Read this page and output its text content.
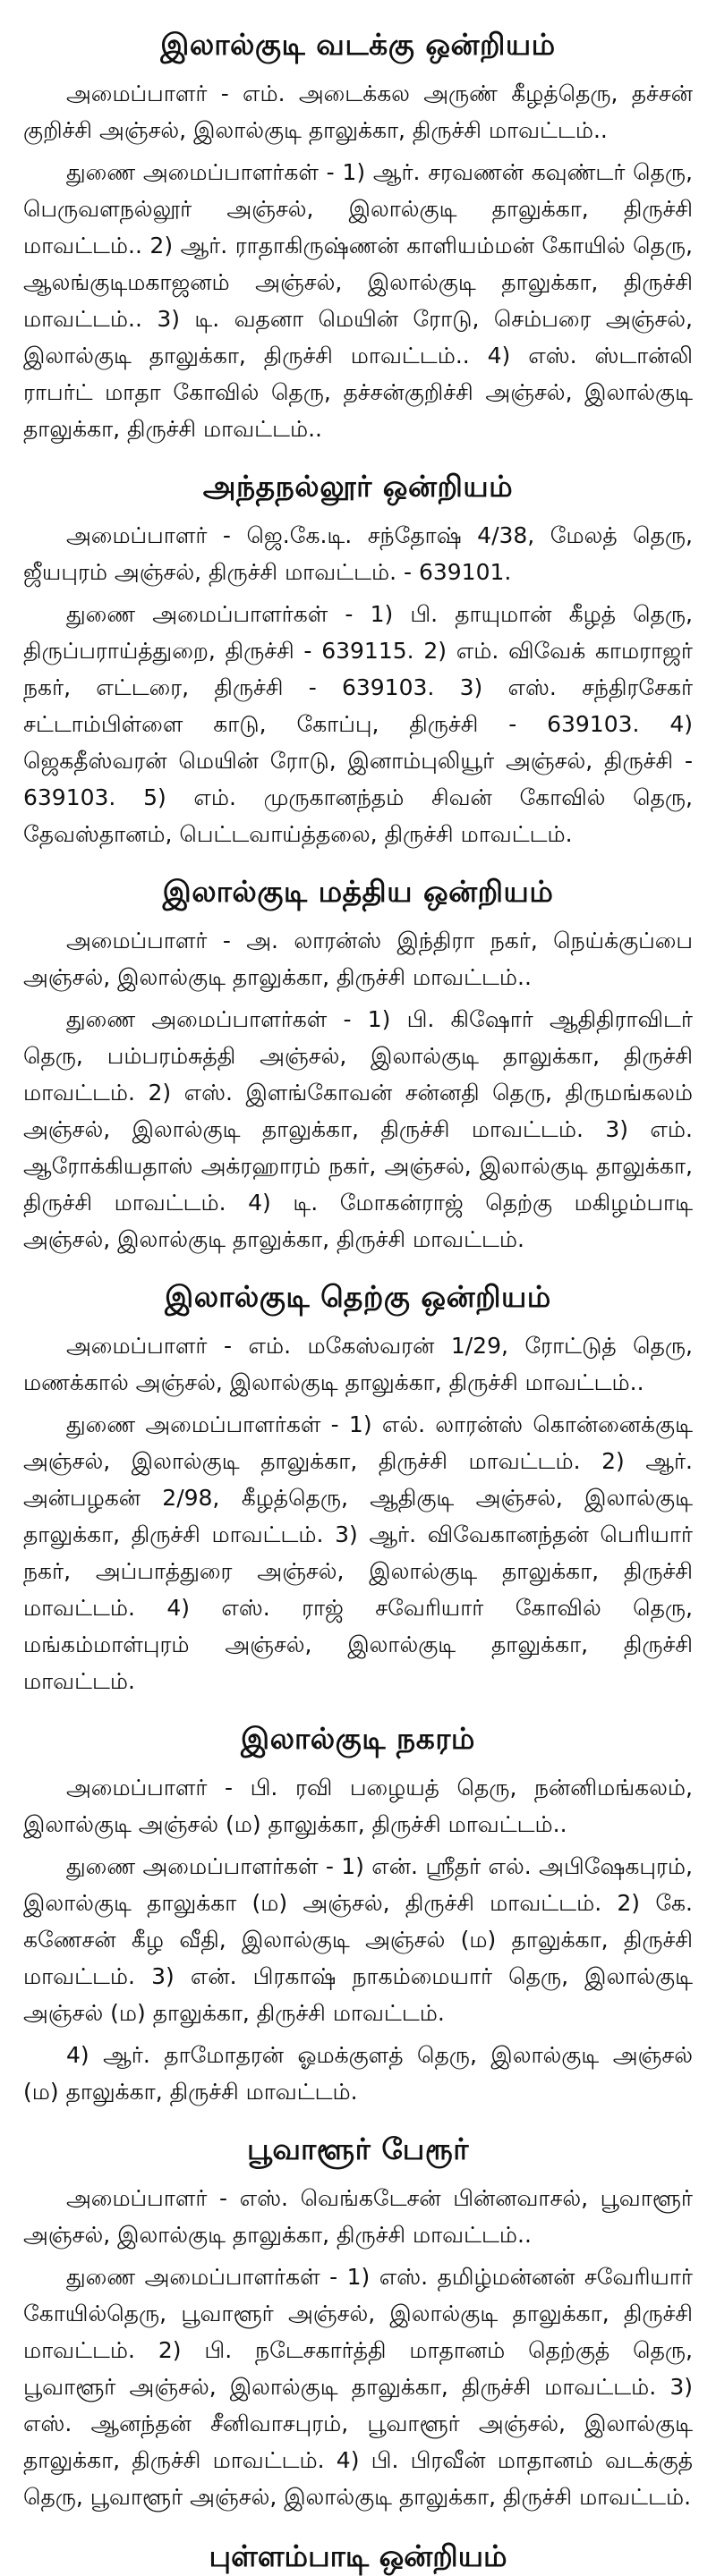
இலால்குடி வடக்கு ஒன்றியம்

அமைப்பாளர் - எம். அடைக்கல அருண் கீழத்தெரு, தச்சன் குறிச்சி அஞ்சல், இலால்குடி தாலுக்கா, திருச்சி மாவட்டம்..

துணை அமைப்பாளர்கள் - 1) ஆர். சரவணன் கவுண்டர் தெரு, பெருவளநல்லூர் அஞ்சல், இலால்குடி தாலுக்கா, திருச்சி மாவட்டம்.. 2) ஆர். ராதாகிருஷ்ணன் காளியம்மன் கோயில் தெரு, ஆலங்குடிமகாஜனம் அஞ்சல், இலால்குடி தாலுக்கா, திருச்சி மாவட்டம்.. 3) டி. வதனா மெயின் ரோடு, செம்பரை அஞ்சல், இலால்குடி தாலுக்கா, திருச்சி மாவட்டம்.. 4) எஸ். ஸ்டான்லி ராபர்ட் மாதா கோவில் தெரு, தச்சன்குறிச்சி அஞ்சல், இலால்குடி தாலுக்கா, திருச்சி மாவட்டம்..

அந்தநல்லூர் ஒன்றியம்

அமைப்பாளர் - ஜெ.கே.டி. சந்தோஷ் 4/38, மேலத் தெரு, ஜீயபுரம் அஞ்சல், திருச்சி மாவட்டம். - 639101.

துணை அமைப்பாளர்கள் - 1) பி. தாயுமான் கீழத் தெரு, திருப்பராய்த்துறை, திருச்சி - 639115. 2) எம். விவேக் காமராஜர் நகர், எட்டரை, திருச்சி - 639103. 3) எஸ். சந்திரசேகர் சட்டாம்பிள்ளை காடு, கோப்பு, திருச்சி - 639103. 4) ஜெகதீஸ்வரன் மெயின் ரோடு, இனாம்புலியூர் அஞ்சல், திருச்சி - 639103. 5) எம். முருகானந்தம் சிவன் கோவில் தெரு, தேவஸ்தானம், பெட்டவாய்த்தலை, திருச்சி மாவட்டம்.

இலால்குடி மத்திய ஒன்றியம்

அமைப்பாளர் - அ. லாரன்ஸ் இந்திரா நகர், நெய்க்குப்பை அஞ்சல், இலால்குடி தாலுக்கா, திருச்சி மாவட்டம்..

துணை அமைப்பாளர்கள் - 1) பி. கிஷோர் ஆதிதிராவிடர் தெரு, பம்பரம்சுத்தி அஞ்சல், இலால்குடி தாலுக்கா, திருச்சி மாவட்டம். 2) எஸ். இளங்கோவன் சன்னதி தெரு, திருமங்கலம் அஞ்சல், இலால்குடி தாலுக்கா, திருச்சி மாவட்டம். 3) எம். ஆரோக்கியதாஸ் அக்ரஹாரம் நகர், அஞ்சல், இலால்குடி தாலுக்கா, திருச்சி மாவட்டம். 4) டி. மோகன்ராஜ் தெற்கு மகிழம்பாடி அஞ்சல், இலால்குடி தாலுக்கா, திருச்சி மாவட்டம்.

இலால்குடி தெற்கு ஒன்றியம்

அமைப்பாளர் - எம். மகேஸ்வரன் 1/29, ரோட்டுத் தெரு, மணக்கால் அஞ்சல், இலால்குடி தாலுக்கா, திருச்சி மாவட்டம்..

துணை அமைப்பாளர்கள் - 1) எல். லாரன்ஸ் கொன்னைக்குடி அஞ்சல், இலால்குடி தாலுக்கா, திருச்சி மாவட்டம். 2) ஆர். அன்பழகன் 2/98, கீழத்தெரு, ஆதிகுடி அஞ்சல், இலால்குடி தாலுக்கா, திருச்சி மாவட்டம். 3) ஆர். விவேகானந்தன் பெரியார் நகர், அப்பாத்துரை அஞ்சல், இலால்குடி தாலுக்கா, திருச்சி மாவட்டம். 4) எஸ். ராஜ் சவேரியார் கோவில் தெரு, மங்கம்மாள்புரம் அஞ்சல், இலால்குடி தாலுக்கா, திருச்சி மாவட்டம்.

இலால்குடி நகரம்

அமைப்பாளர் - பி. ரவி பழையத் தெரு, நன்னிமங்கலம், இலால்குடி அஞ்சல் (ம) தாலுக்கா, திருச்சி மாவட்டம்..

துணை அமைப்பாளர்கள் - 1) என். ஸ்ரீதர் எல். அபிஷேகபுரம், இலால்குடி தாலுக்கா (ம) அஞ்சல், திருச்சி மாவட்டம். 2) கே. கணேசன் கீழ வீதி, இலால்குடி அஞ்சல் (ம) தாலுக்கா, திருச்சி மாவட்டம். 3) என். பிரகாஷ் நாகம்மையார் தெரு, இலால்குடி அஞ்சல் (ம) தாலுக்கா, திருச்சி மாவட்டம்.

4) ஆர். தாமோதரன் ஓமக்குளத் தெரு, இலால்குடி அஞ்சல் (ம) தாலுக்கா, திருச்சி மாவட்டம்.

பூவாளூர் பேரூர்

அமைப்பாளர் - எஸ். வெங்கடேசன் பின்னவாசல், பூவாளூர் அஞ்சல், இலால்குடி தாலுக்கா, திருச்சி மாவட்டம்..

துணை அமைப்பாளர்கள் - 1) எஸ். தமிழ்மன்னன் சவேரியார் கோயில்தெரு, பூவாளூர் அஞ்சல், இலால்குடி தாலுக்கா, திருச்சி மாவட்டம். 2) பி. நடேசகார்த்தி மாதானம் தெற்குத் தெரு, பூவாளூர் அஞ்சல், இலால்குடி தாலுக்கா, திருச்சி மாவட்டம். 3) எஸ். ஆனந்தன் சீனிவாசபுரம், பூவாளூர் அஞ்சல், இலால்குடி தாலுக்கா, திருச்சி மாவட்டம். 4) பி. பிரவீன் மாதானம் வடக்குத் தெரு, பூவாளூர் அஞ்சல், இலால்குடி தாலுக்கா, திருச்சி மாவட்டம்.

புள்ளம்பாடி ஒன்றியம்
